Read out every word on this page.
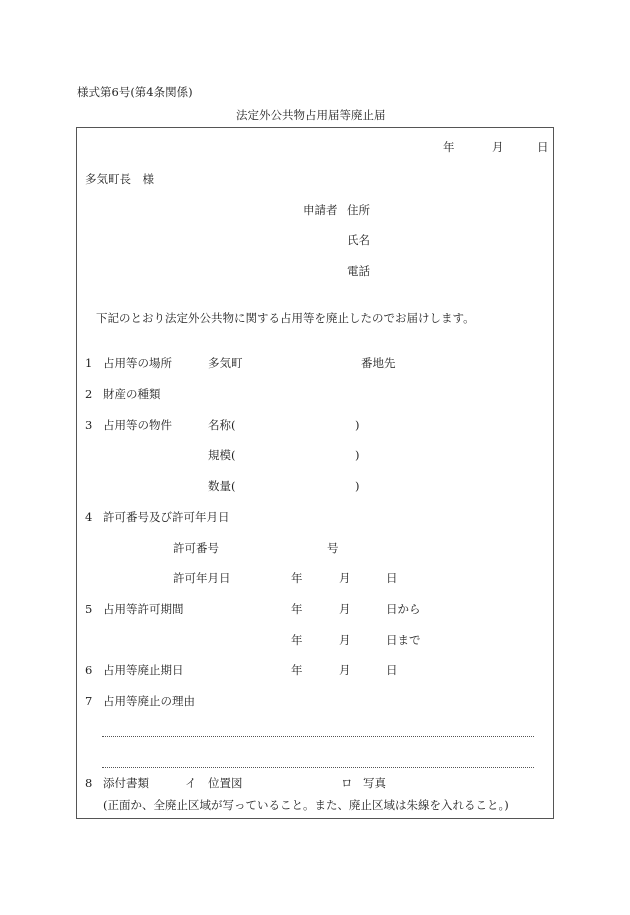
様式第6号(第4条関係)
法定外公共物占用届等廃止届
年	月	日
多気町長　様
申請者 住所
氏名
電話
下記のとおり法定外公共物に関する占用等を廃止したのでお届けします。
1 占用等の場所	多気町	番地先
2 財産の種類
3 占用等の物件	名称(	)
規模(	)
数量(	)
4 許可番号及び許可年月日
許可番号	号
許可年月日	年	月	日
5 占用等許可期間	年	月	日から
年	月	日まで
6 占用等廃止期日	年	月	日
7 占用等廃止の理由
8 添付書類	イ 位置図	ロ 写真
(正面か、全廃止区域が写っていること。また、廃止区域は朱線を入れること。)
